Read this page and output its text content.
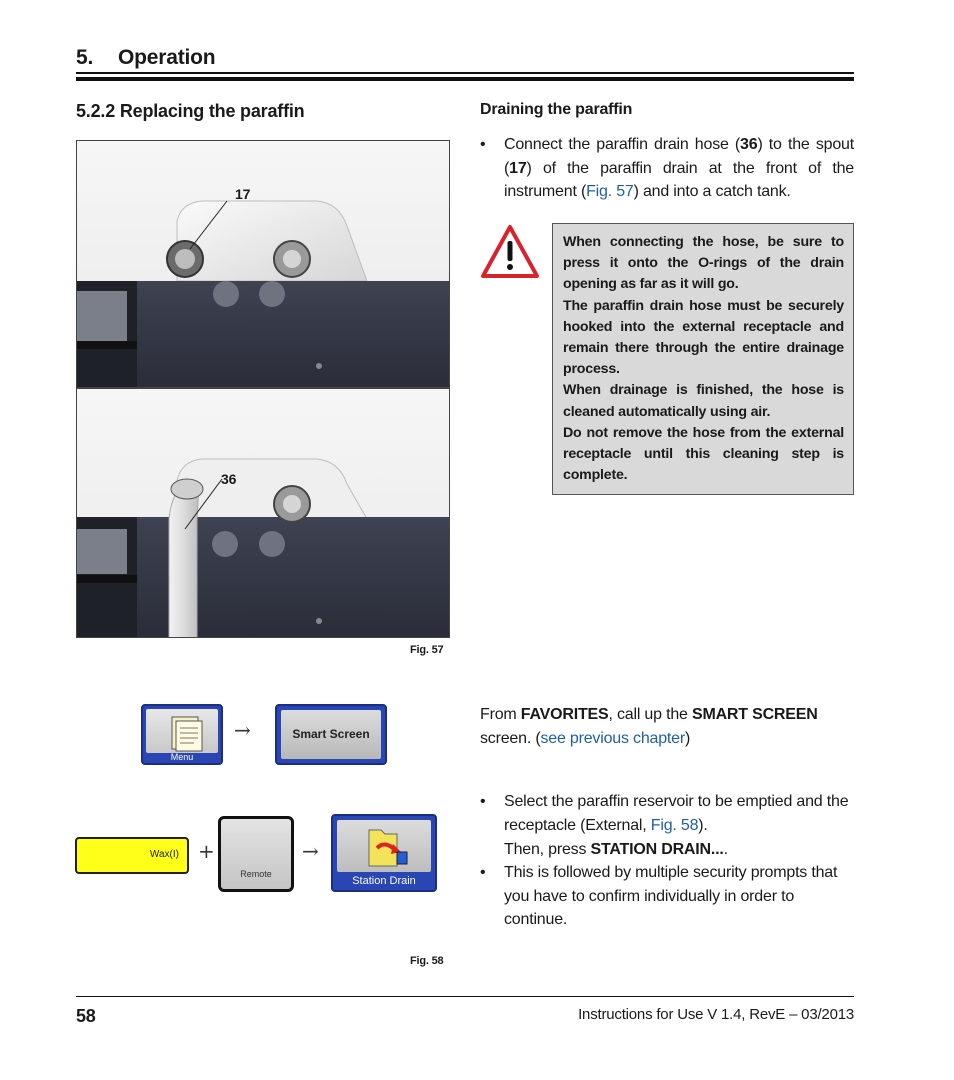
5. Operation
5.2.2 Replacing the paraffin	Draining the paraffin
• Connect the paraffin drain hose (36) to the spout (17) of the paraffin drain at the front of the instrument (Fig. 57) and into a catch tank.

When connecting the hose, be sure to press it onto the O-rings of the drain opening as far as it will go.

The paraffin drain hose must be securely hooked into the external receptacle and remain there through the entire drainage process.

When drainage is finished, the hose is cleaned automatically using air.

Do not remove the hose from the external receptacle until this cleaning step is complete.

17
36
Fig. 57
Menu
→	Smart Screen
Wax(I) +
Remote
→
Station Drain
Fig. 58
From FAVORITES, call up the SMART SCREEN screen. (see previous chapter)
• Select the paraffin reservoir to be emptied and the receptacle (External, Fig. 58).
Then, press STATION DRAIN....
• This is followed by multiple security prompts that you have to confirm individually in order to continue.
58	Instructions for Use V 1.4, RevE – 03/2013
